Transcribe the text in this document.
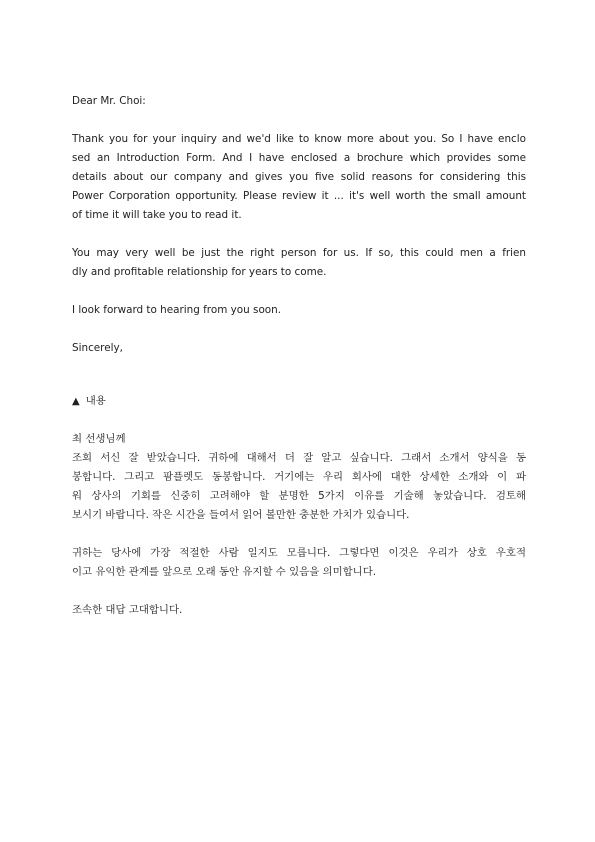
Dear Mr. Choi:
Thank you for your inquiry and we'd like to know more about you. So I have enclo
sed an Introduction Form. And I have enclosed a brochure which provides some
details about our company and gives you five solid reasons for considering this
Power Corporation opportunity. Please review it ... it's well worth the small amount
of time it will take you to read it.
You may very well be just the right person for us. If so, this could men a frien
dly and profitable relationship for years to come.
I look forward to hearing from you soon.
Sincerely,
▲ 내용
최 선생님께
조회 서신 잘 받았습니다. 귀하에 대해서 더 잘 알고 싶습니다. 그래서 소개서 양식을 동
봉합니다. 그리고 팜플렛도 동봉합니다. 거기에는 우리 회사에 대한 상세한 소개와 이 파
워 상사의 기회를 신중히 고려해야 할 분명한 5가지 이유를 기술해 놓았습니다. 검토해
보시기 바랍니다. 작은 시간을 들여서 읽어 볼만한 충분한 가치가 있습니다.
귀하는 당사에 가장 적절한 사람 일지도 모릅니다. 그렇다면 이것은 우리가 상호 우호적
이고 유익한 관계를 앞으로 오래 동안 유지할 수 있음을 의미합니다.
조속한 대답 고대합니다.
